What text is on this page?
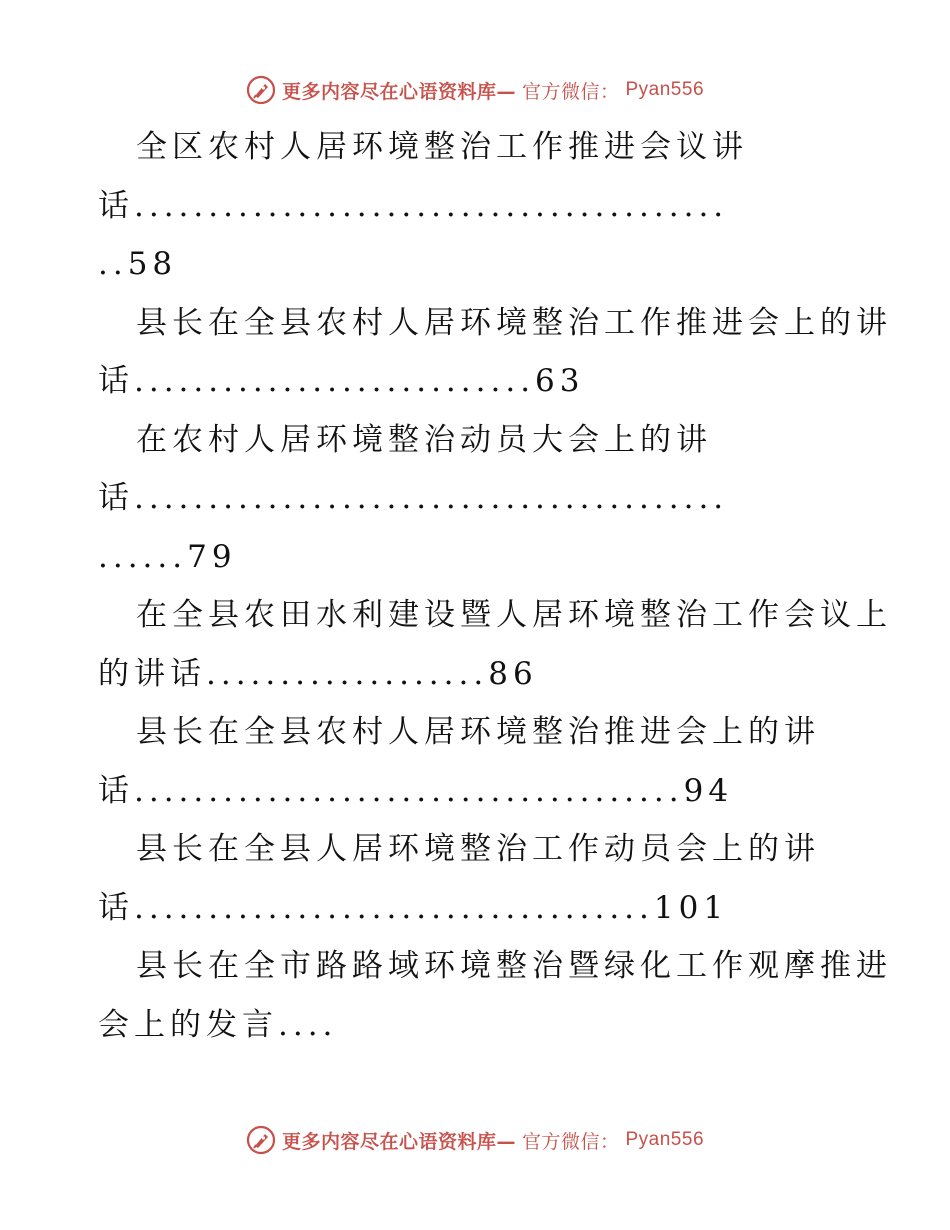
更多内容尽在心语资料库— 官方微信： Pyan556

全区农村人居环境整治工作推进会议讲

话........................................

..58

县长在全县农村人居环境整治工作推进会上的讲

话...........................63

在农村人居环境整治动员大会上的讲

话........................................

......79

在全县农田水利建设暨人居环境整治工作会议上

的讲话...................86

县长在全县农村人居环境整治推进会上的讲

话.....................................94

县长在全县人居环境整治工作动员会上的讲

话...................................101

县长在全市路路域环境整治暨绿化工作观摩推进

会上的发言....

更多内容尽在心语资料库— 官方微信： Pyan556
